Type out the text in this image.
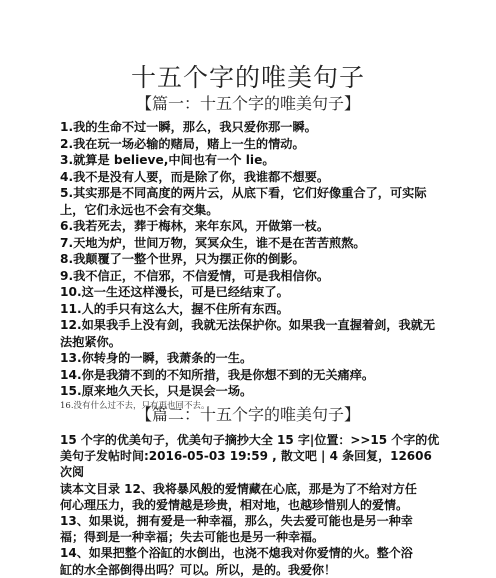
十五个字的唯美句子
【篇一：十五个字的唯美句子】
1.我的生命不过一瞬，那么，我只爱你那一瞬。
2.我在玩一场必输的赌局，赌上一生的情动。
3.就算是 believe,中间也有一个 lie。
4.我不是没有人要，而是除了你，我谁都不想要。
5.其实那是不同高度的两片云，从底下看，它们好像重合了，可实际上，它们永远也不会有交集。
6.我若死去，葬于梅林，来年东风，开做第一枝。
7.天地为炉，世间万物，冥冥众生，谁不是在苦苦煎熬。
8.我颠覆了一整个世界，只为摆正你的倒影。
9.我不信正，不信邪，不信爱情，可是我相信你。
10.这一生还这样漫长，可是已经结束了。
11.人的手只有这么大，握不住所有东西。
12.如果我手上没有剑，我就无法保护你。如果我一直握着剑，我就无法抱紧你。
13.你转身的一瞬，我萧条的一生。
14.你是我猜不到的不知所措，我是你想不到的无关痛痒。
15.原来地久天长，只是误会一场。
16.没有什么过不去，只有再也回不去。
【篇二：十五个字的唯美句子】
15 个字的优美句子，优美句子摘抄大全 15 字|位置：>>15 个字的优
美句子发帖时间:2016-05-03 19:59 , 散文吧 | 4 条回复，12606 次阅
读本文目录 12、我将暴风般的爱情藏在心底，那是为了不给对方任
何心理压力，我的爱情越是珍贵，相对地，也越珍惜别人的爱情。
13、如果说，拥有爱是一种幸福，那么，失去爱可能也是另一种幸
福；得到是一种幸福；失去可能也是另一种幸福。
14、如果把整个浴缸的水倒出，也浇不熄我对你爱情的火。整个浴
缸的水全部倒得出吗？可以。所以，是的。我爱你！
